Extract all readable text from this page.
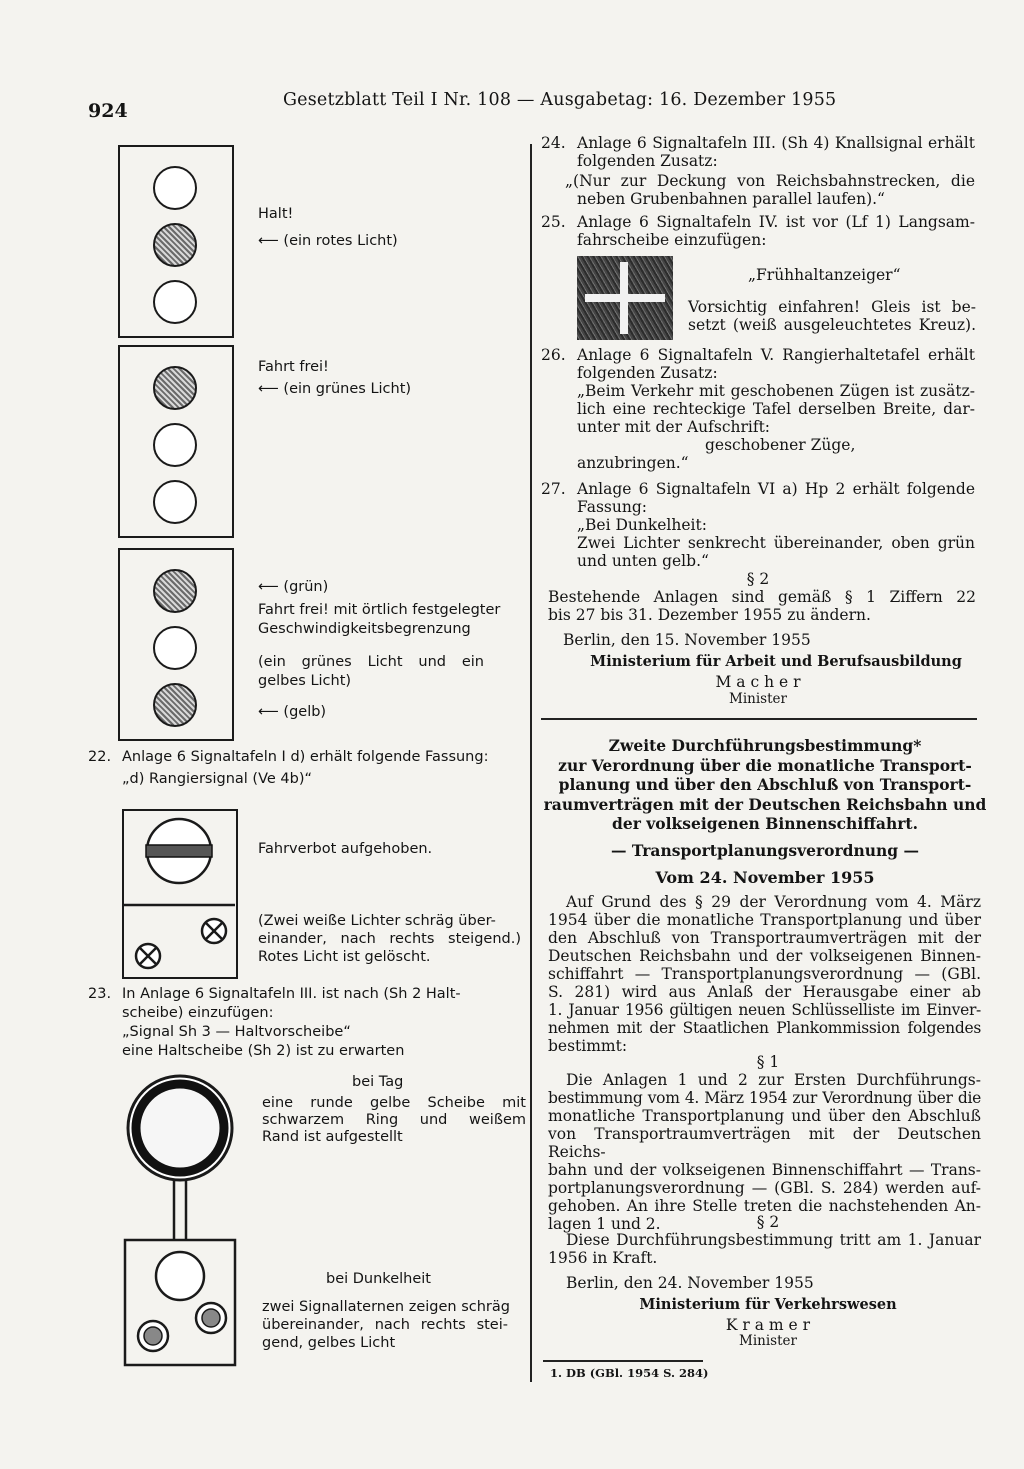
924	Gesetzblatt Teil I Nr. 108 — Ausgabetag: 16. Dezember 1955
Halt!
⟵ (ein rotes Licht)
Fahrt frei!
⟵ (ein grünes Licht)
⟵ (grün)
Fahrt frei! mit örtlich festgelegter
Geschwindigkeitsbegrenzung
(ein grünes Licht und ein
gelbes Licht)
⟵ (gelb)
22. Anlage 6 Signaltafeln I d) erhält folgende Fassung:
„d) Rangiersignal (Ve 4b)“
Fahrverbot aufgehoben.
(Zwei weiße Lichter schräg über-
einander, nach rechts steigend.)
Rotes Licht ist gelöscht.
23. In Anlage 6 Signaltafeln III. ist nach (Sh 2 Halt-
scheibe) einzufügen:
„Signal Sh 3 — Haltvorscheibe“
eine Haltscheibe (Sh 2) ist zu erwarten
bei Tag
eine runde gelbe Scheibe mit
schwarzem Ring und weißem
Rand ist aufgestellt
bei Dunkelheit
zwei Signallaternen zeigen schräg
übereinander, nach rechts stei-
gend, gelbes Licht
24. Anlage 6 Signaltafeln III. (Sh 4) Knallsignal erhält
folgenden Zusatz:
„(Nur zur Deckung von Reichsbahnstrecken, die
neben Grubenbahnen parallel laufen).“
25. Anlage 6 Signaltafeln IV. ist vor (Lf 1) Langsam-
fahrscheibe einzufügen:
„Frühhaltanzeiger“
Vorsichtig einfahren! Gleis ist be-
setzt (weiß ausgeleuchtetes Kreuz).
26. Anlage 6 Signaltafeln V. Rangierhaltetafel erhält
folgenden Zusatz:
„Beim Verkehr mit geschobenen Zügen ist zusätz-
lich eine rechteckige Tafel derselben Breite, dar-
unter mit der Aufschrift:
geschobener Züge,
anzubringen.“
27. Anlage 6 Signaltafeln VI a) Hp 2 erhält folgende
Fassung:
„Bei Dunkelheit:
Zwei Lichter senkrecht übereinander, oben grün
und unten gelb.“
§ 2
Bestehende Anlagen sind gemäß § 1 Ziffern 22
bis 27 bis 31. Dezember 1955 zu ändern.
Berlin, den 15. November 1955
Ministerium für Arbeit und Berufsausbildung
M a c h e r
Minister
Zweite Durchführungsbestimmung*
zur Verordnung über die monatliche Transport-
planung und über den Abschluß von Transport-
raumverträgen mit der Deutschen Reichsbahn und
der volkseigenen Binnenschiffahrt.
— Transportplanungsverordnung —
Vom 24. November 1955
Auf Grund des § 29 der Verordnung vom 4. März
1954 über die monatliche Transportplanung und über
den Abschluß von Transportraumverträgen mit der
Deutschen Reichsbahn und der volkseigenen Binnen-
schiffahrt — Transportplanungsverordnung — (GBl.
S. 281) wird aus Anlaß der Herausgabe einer ab
1. Januar 1956 gültigen neuen Schlüsselliste im Einver-
nehmen mit der Staatlichen Plankommission folgendes
bestimmt:
§ 1
Die Anlagen 1 und 2 zur Ersten Durchführungs-
bestimmung vom 4. März 1954 zur Verordnung über die
monatliche Transportplanung und über den Abschluß
von Transportraumverträgen mit der Deutschen Reichs-
bahn und der volkseigenen Binnenschiffahrt — Trans-
portplanungsverordnung — (GBl. S. 284) werden auf-
gehoben. An ihre Stelle treten die nachstehenden An-
lagen 1 und 2.	§ 2
Diese Durchführungsbestimmung tritt am 1. Januar
1956 in Kraft.
Berlin, den 24. November 1955
Ministerium für Verkehrswesen
K r a m e r
Minister
1. DB (GBl. 1954 S. 284)
